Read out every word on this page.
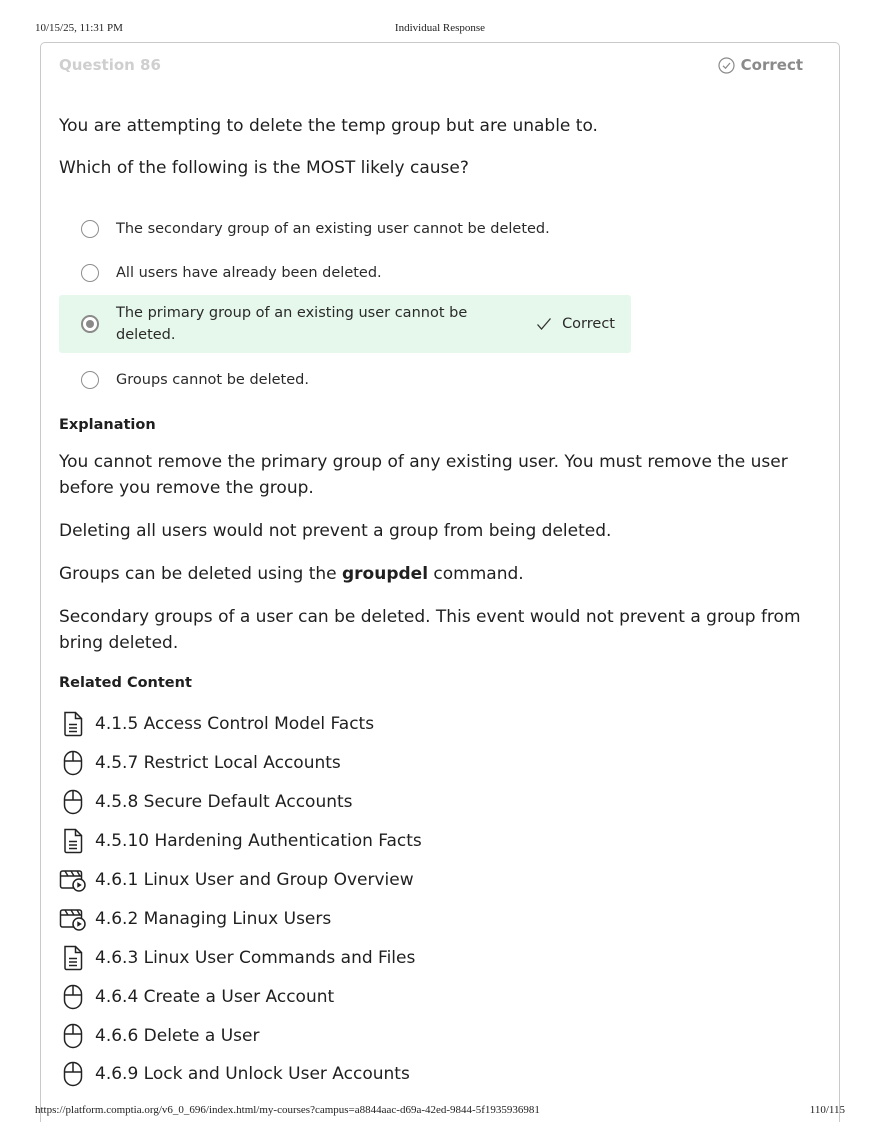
10/15/25, 11:31 PM	Individual Response
Question 86	Correct
You are attempting to delete the temp group but are unable to.
Which of the following is the MOST likely cause?
The secondary group of an existing user cannot be deleted.
All users have already been deleted.
The primary group of an existing user cannot be deleted.
Correct
Groups cannot be deleted.
Explanation

You cannot remove the primary group of any existing user. You must remove the user before you remove the group.

Deleting all users would not prevent a group from being deleted.

Groups can be deleted using the groupdel command.

Secondary groups of a user can be deleted. This event would not prevent a group from bring deleted.

Related Content
4.1.5 Access Control Model Facts
4.5.7 Restrict Local Accounts
4.5.8 Secure Default Accounts
4.5.10 Hardening Authentication Facts
4.6.1 Linux User and Group Overview
4.6.2 Managing Linux Users
4.6.3 Linux User Commands and Files
4.6.4 Create a User Account
4.6.6 Delete a User
4.6.9 Lock and Unlock User Accounts
https://platform.comptia.org/v6_0_696/index.html/my-courses?campus=a8844aac-d69a-42ed-9844-5f1935936981	110/115
